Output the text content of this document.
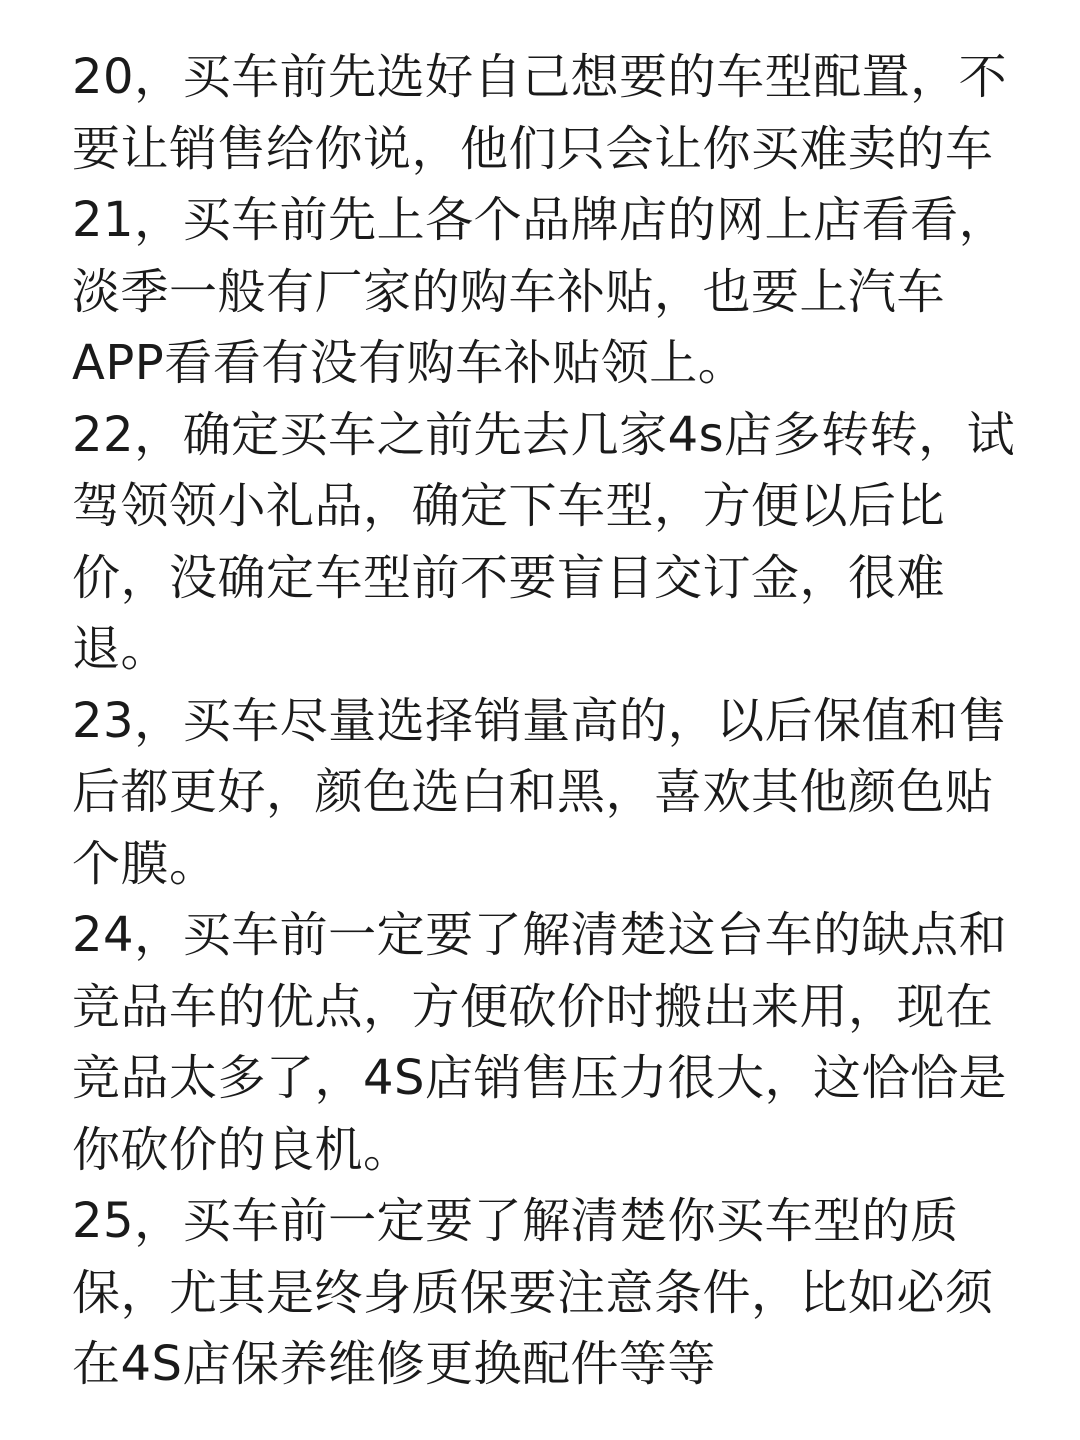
20，买车前先选好自己想要的车型配置，不
要让销售给你说，他们只会让你买难卖的车
21，买车前先上各个品牌店的网上店看看，
淡季一般有厂家的购车补贴，也要上汽车
APP看看有没有购车补贴领上。
22，确定买车之前先去几家4s店多转转，试
驾领领小礼品，确定下车型，方便以后比
价，没确定车型前不要盲目交订金，很难
退。
23，买车尽量选择销量高的，以后保值和售
后都更好，颜色选白和黑，喜欢其他颜色贴
个膜。
24，买车前一定要了解清楚这台车的缺点和
竞品车的优点，方便砍价时搬出来用，现在
竞品太多了，4S店销售压力很大，这恰恰是
你砍价的良机。
25，买车前一定要了解清楚你买车型的质
保，尤其是终身质保要注意条件，比如必须
在4S店保养维修更换配件等等
